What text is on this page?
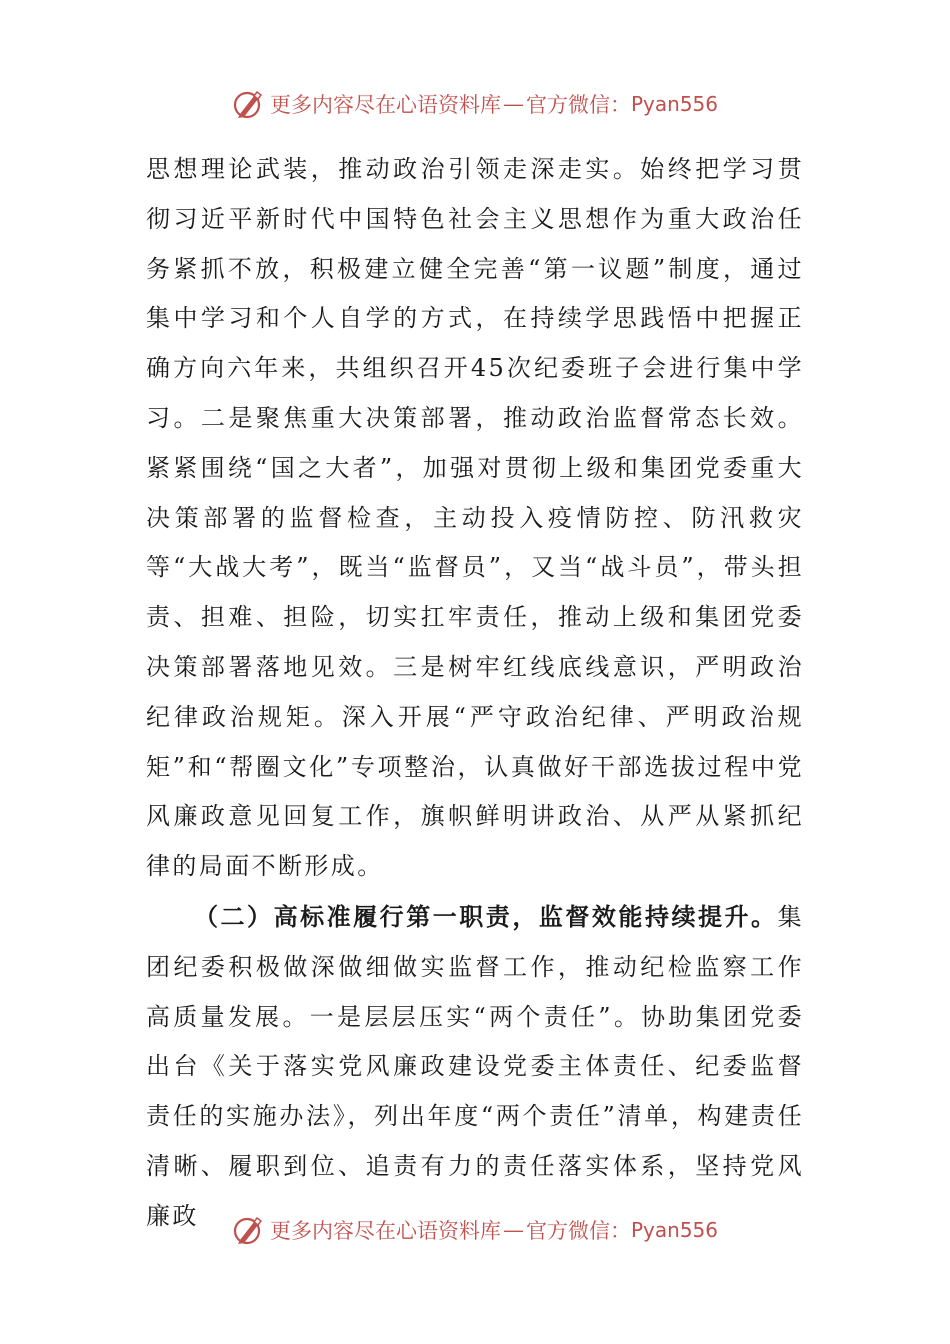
更多内容尽在心语资料库 — 官方微信： Pyan556

思想理论武装，推动政治引领走深走实。始终把学习贯彻习近平新时代中国特色社会主义思想作为重大政治任务紧抓不放，积极建立健全完善“第一议题”制度，通过集中学习和个人自学的方式，在持续学思践悟中把握正确方向六年来，共组织召开45次纪委班子会进行集中学习。二是聚焦重大决策部署，推动政治监督常态长效。紧紧围绕“国之大者”，加强对贯彻上级和集团党委重大决策部署的监督检查，主动投入疫情防控、防汛救灾等“大战大考”，既当“监督员”，又当“战斗员”，带头担责、担难、担险，切实扛牢责任，推动上级和集团党委决策部署落地见效。三是树牢红线底线意识，严明政治纪律政治规矩。深入开展“严守政治纪律、严明政治规矩”和“帮圈文化”专项整治，认真做好干部选拔过程中党风廉政意见回复工作，旗帜鲜明讲政治、从严从紧抓纪律的局面不断形成。

（二）高标准履行第一职责，监督效能持续提升。集团纪委积极做深做细做实监督工作，推动纪检监察工作高质量发展。一是层层压实“两个责任”。协助集团党委出台《关于落实党风廉政建设党委主体责任、纪委监督责任的实施办法》，列出年度“两个责任”清单，构建责任清晰、履职到位、追责有力的责任落实体系，坚持党风廉政

更多内容尽在心语资料库 — 官方微信： Pyan556
